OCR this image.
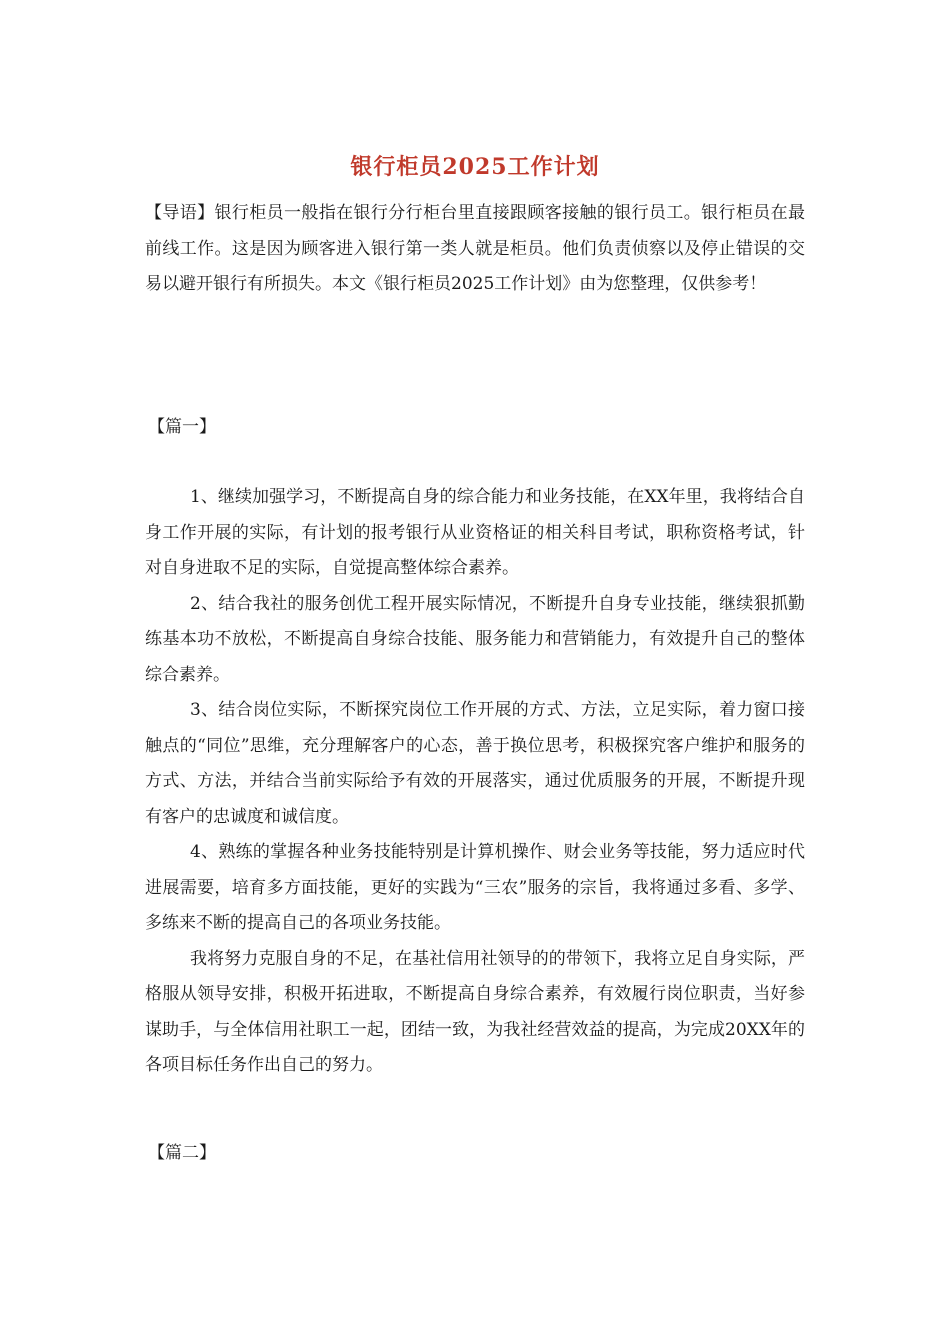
银行柜员2025工作计划

【导语】银行柜员一般指在银行分行柜台里直接跟顾客接触的银行员工。银行柜员在最前线工作。这是因为顾客进入银行第一类人就是柜员。他们负责侦察以及停止错误的交易以避开银行有所损失。本文《银行柜员2025工作计划》由为您整理，仅供参考！

【篇一】

1、继续加强学习，不断提高自身的综合能力和业务技能，在XX年里，我将结合自身工作开展的实际，有计划的报考银行从业资格证的相关科目考试，职称资格考试，针对自身进取不足的实际，自觉提高整体综合素养。

2、结合我社的服务创优工程开展实际情况，不断提升自身专业技能，继续狠抓勤练基本功不放松，不断提高自身综合技能、服务能力和营销能力，有效提升自己的整体综合素养。

3、结合岗位实际，不断探究岗位工作开展的方式、方法，立足实际，着力窗口接触点的“同位”思维，充分理解客户的心态，善于换位思考，积极探究客户维护和服务的方式、方法，并结合当前实际给予有效的开展落实，通过优质服务的开展，不断提升现有客户的忠诚度和诚信度。

4、熟练的掌握各种业务技能特别是计算机操作、财会业务等技能，努力适应时代进展需要，培育多方面技能，更好的实践为“三农”服务的宗旨，我将通过多看、多学、多练来不断的提高自己的各项业务技能。

我将努力克服自身的不足，在基社信用社领导的的带领下，我将立足自身实际，严格服从领导安排，积极开拓进取，不断提高自身综合素养，有效履行岗位职责，当好参谋助手，与全体信用社职工一起，团结一致，为我社经营效益的提高，为完成20XX年的各项目标任务作出自己的努力。

【篇二】
